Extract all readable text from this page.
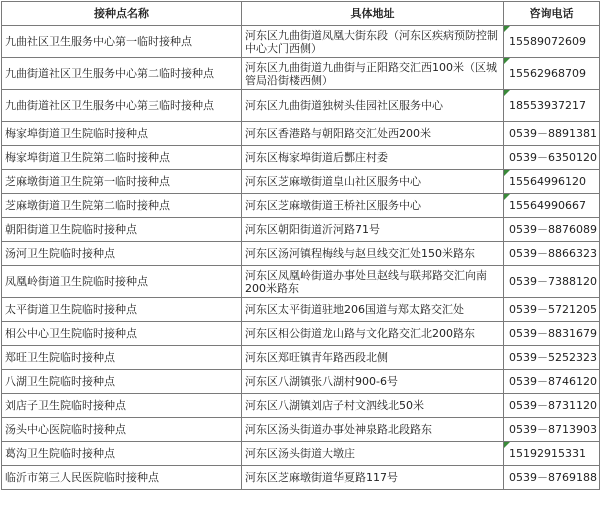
接种点名称	具体地址	咨询电话
九曲社区卫生服务中心第一临时接种点	河东区九曲街道凤凰大街东段（河东区疾病预防控制中心大门西侧）	15589072609
九曲街道社区卫生服务中心第二临时接种点	河东区九曲街道九曲街与正阳路交汇西100米（区城管局沿街楼西侧）	15562968709
九曲街道社区卫生服务中心第三临时接种点	河东区九曲街道独树头佳园社区服务中心	18553937217
梅家埠街道卫生院临时接种点	河东区香港路与朝阳路交汇处西200米	0539－8891381
梅家埠街道卫生院第二临时接种点	河东区梅家埠街道后酆庄村委	0539－6350120
芝麻墩街道卫生院第一临时接种点	河东区芝麻墩街道皇山社区服务中心	15564996120
芝麻墩街道卫生院第二临时接种点	河东区芝麻墩街道王桥社区服务中心	15564990667
朝阳街道卫生院临时接种点	河东区朝阳街道沂河路71号	0539－8876089
汤河卫生院临时接种点	河东区汤河镇程梅线与赵旦线交汇处150米路东	0539－8866323
凤凰岭街道卫生院临时接种点	河东区凤凰岭街道办事处旦赵线与联邦路交汇向南200米路东	0539－7388120
太平街道卫生院临时接种点	河东区太平街道驻地206国道与郑太路交汇处	0539－5721205
相公中心卫生院临时接种点	河东区相公街道龙山路与文化路交汇北200路东	0539－8831679
郑旺卫生院临时接种点	河东区郑旺镇青年路西段北侧	0539－5252323
八湖卫生院临时接种点	河东区八湖镇张八湖村900-6号	0539－8746120
刘店子卫生院临时接种点	河东区八湖镇刘店子村文泗线北50米	0539－8731120
汤头中心医院临时接种点	河东区汤头街道办事处神泉路北段路东	0539－8713903
葛沟卫生院临时接种点	河东区汤头街道大墩庄	15192915331
临沂市第三人民医院临时接种点	河东区芝麻墩街道华夏路117号	0539－8769188
